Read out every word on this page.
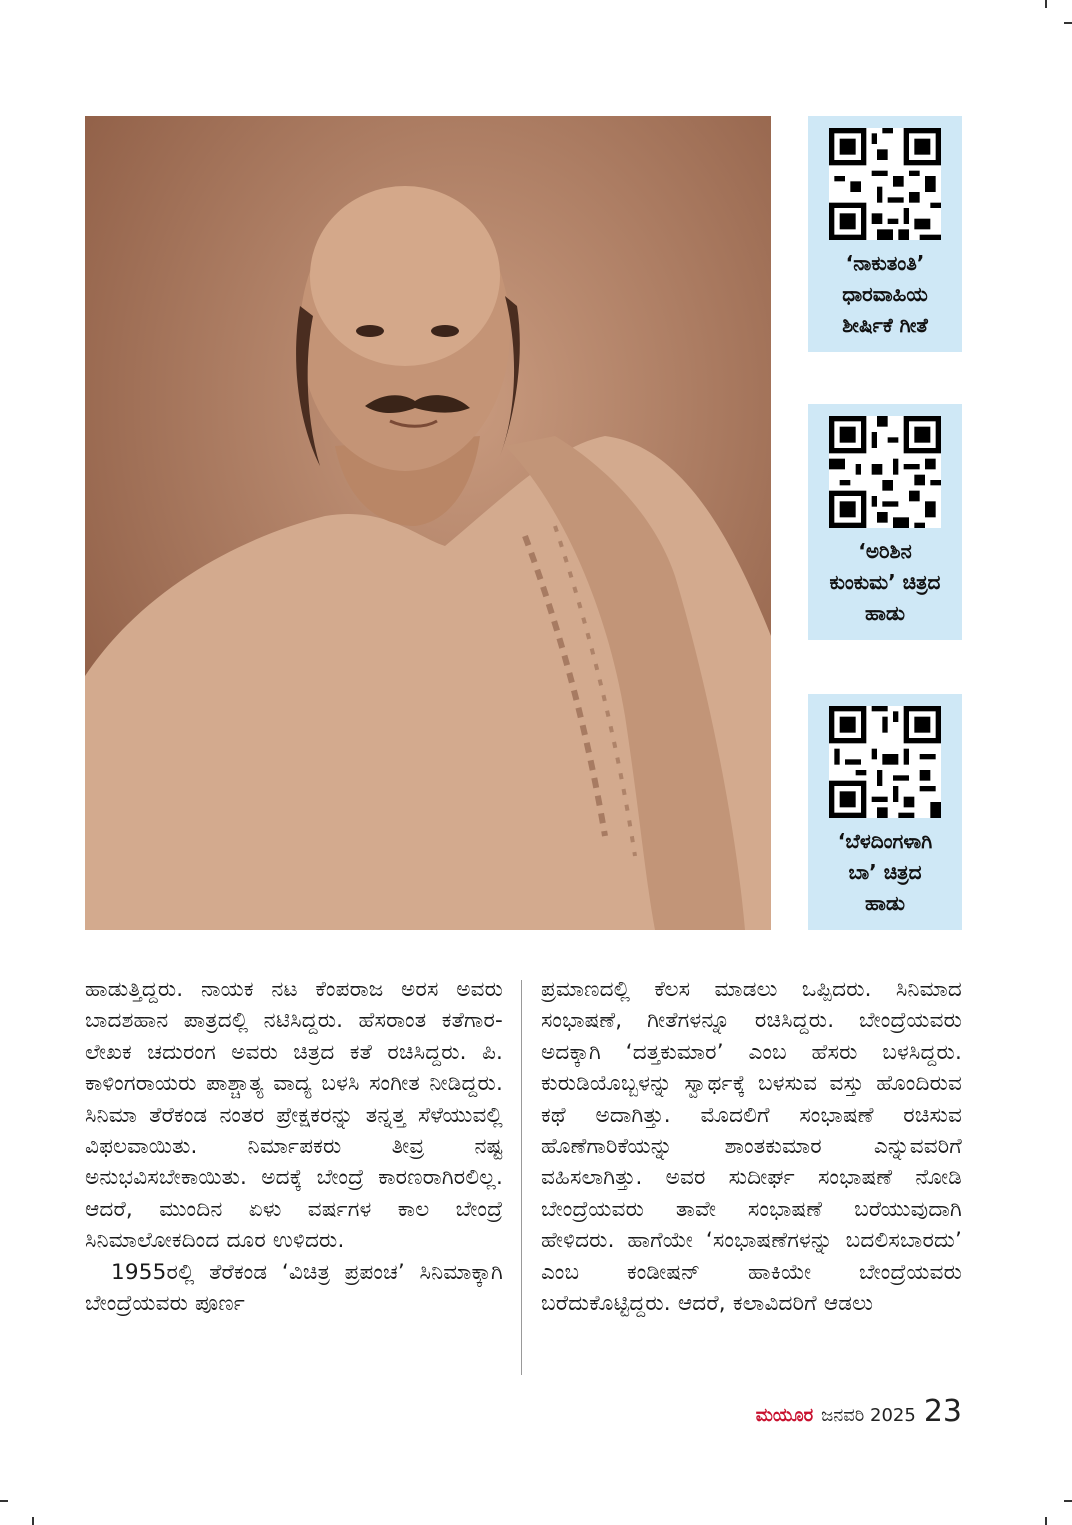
‘ನಾಕುತಂತಿ’
ಧಾರವಾಹಿಯ
ಶೀರ್ಷಿಕೆ ಗೀತೆ
‘ಅರಿಶಿನ
ಕುಂಕುಮ’ ಚಿತ್ರದ
ಹಾಡು
‘ಬೆಳದಿಂಗಳಾಗಿ
ಬಾ’ ಚಿತ್ರದ
ಹಾಡು

ಹಾಡುತ್ತಿದ್ದರು. ನಾಯಕ ನಟ ಕೆಂಪರಾಜ ಅರಸ ಅವರು ಬಾದಶಹಾನ ಪಾತ್ರದಲ್ಲಿ ನಟಿಸಿದ್ದರು. ಹೆಸರಾಂತ ಕತೆಗಾರ-ಲೇಖಕ ಚದುರಂಗ ಅವರು ಚಿತ್ರದ ಕತೆ ರಚಿಸಿದ್ದರು. ಪಿ. ಕಾಳಿಂಗರಾಯರು ಪಾಶ್ಚಾತ್ಯ ವಾದ್ಯ ಬಳಸಿ ಸಂಗೀತ ನೀಡಿದ್ದರು. ಸಿನಿಮಾ ತೆರೆಕಂಡ ನಂತರ ಪ್ರೇಕ್ಷಕರನ್ನು ತನ್ನತ್ತ ಸೆಳೆಯುವಲ್ಲಿ ವಿಫಲವಾಯಿತು. ನಿರ್ಮಾಪಕರು ತೀವ್ರ ನಷ್ಟ ಅನುಭವಿಸಬೇಕಾಯಿತು. ಅದಕ್ಕೆ ಬೇಂದ್ರೆ ಕಾರಣರಾಗಿರಲಿಲ್ಲ. ಆದರೆ, ಮುಂದಿನ ಏಳು ವರ್ಷಗಳ ಕಾಲ ಬೇಂದ್ರೆ ಸಿನಿಮಾಲೋಕದಿಂದ ದೂರ ಉಳಿದರು.

1955ರಲ್ಲಿ ತೆರೆಕಂಡ ‘ವಿಚಿತ್ರ ಪ್ರಪಂಚ’ ಸಿನಿಮಾಕ್ಕಾಗಿ ಬೇಂದ್ರೆಯವರು ಪೂರ್ಣ

ಪ್ರಮಾಣದಲ್ಲಿ ಕೆಲಸ ಮಾಡಲು ಒಪ್ಪಿದರು. ಸಿನಿಮಾದ ಸಂಭಾಷಣೆ, ಗೀತೆಗಳನ್ನೂ ರಚಿಸಿದ್ದರು. ಬೇಂದ್ರೆಯವರು ಅದಕ್ಕಾಗಿ ‘ದತ್ತಕುಮಾರ’ ಎಂಬ ಹೆಸರು ಬಳಸಿದ್ದರು. ಕುರುಡಿಯೊಬ್ಬಳನ್ನು ಸ್ವಾರ್ಥಕ್ಕೆ ಬಳಸುವ ವಸ್ತು ಹೊಂದಿರುವ ಕಥೆ ಅದಾಗಿತ್ತು. ಮೊದಲಿಗೆ ಸಂಭಾಷಣೆ ರಚಿಸುವ ಹೊಣೆಗಾರಿಕೆಯನ್ನು ಶಾಂತಕುಮಾರ ಎನ್ನುವವರಿಗೆ ವಹಿಸಲಾಗಿತ್ತು. ಅವರ ಸುದೀರ್ಘ ಸಂಭಾಷಣೆ ನೋಡಿ ಬೇಂದ್ರೆಯವರು ತಾವೇ ಸಂಭಾಷಣೆ ಬರೆಯುವುದಾಗಿ ಹೇಳಿದರು. ಹಾಗೆಯೇ ‘ಸಂಭಾಷಣೆಗಳನ್ನು ಬದಲಿಸಬಾರದು’ ಎಂಬ ಕಂಡೀಷನ್ ಹಾಕಿಯೇ ಬೇಂದ್ರೆಯವರು ಬರೆದುಕೊಟ್ಟಿದ್ದರು. ಆದರೆ, ಕಲಾವಿದರಿಗೆ ಆಡಲು

ಮಯೂರ ಜನವರಿ 2025 23
